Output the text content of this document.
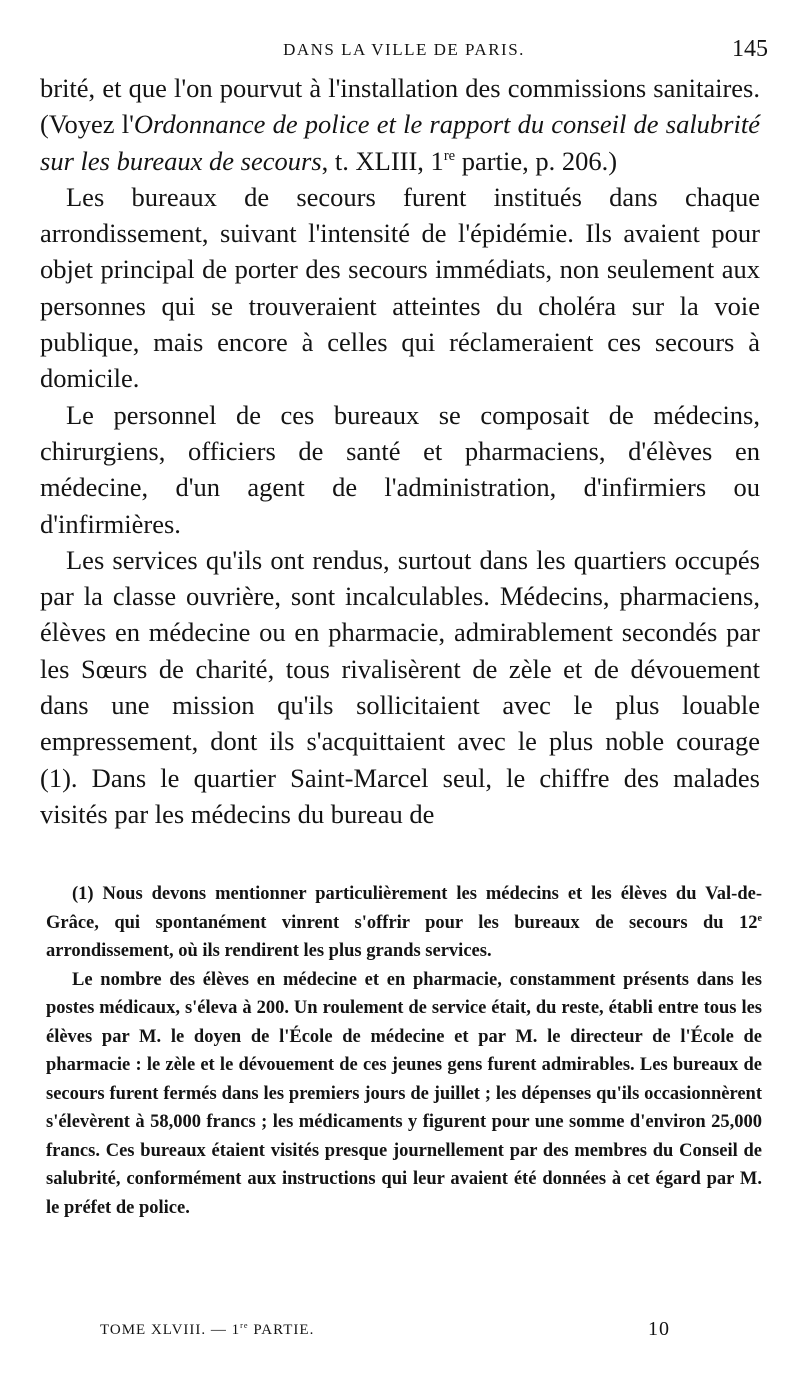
DANS LA VILLE DE PARIS.	145

brité, et que l'on pourvut à l'installation des commissions sanitaires. (Voyez l'Ordonnance de police et le rapport du conseil de salubrité sur les bureaux de secours, t. XLIII, 1re partie, p. 206.)

Les bureaux de secours furent institués dans chaque arrondissement, suivant l'intensité de l'épidémie. Ils avaient pour objet principal de porter des secours immédiats, non seulement aux personnes qui se trouveraient atteintes du choléra sur la voie publique, mais encore à celles qui réclameraient ces secours à domicile.

Le personnel de ces bureaux se composait de médecins, chirurgiens, officiers de santé et pharmaciens, d'élèves en médecine, d'un agent de l'administration, d'infirmiers ou d'infirmières.

Les services qu'ils ont rendus, surtout dans les quartiers occupés par la classe ouvrière, sont incalculables. Médecins, pharmaciens, élèves en médecine ou en pharmacie, admirablement secondés par les Sœurs de charité, tous rivalisèrent de zèle et de dévouement dans une mission qu'ils sollicitaient avec le plus louable empressement, dont ils s'acquittaient avec le plus noble courage (1). Dans le quartier Saint-Marcel seul, le chiffre des malades visités par les médecins du bureau de

(1) Nous devons mentionner particulièrement les médecins et les élèves du Val-de-Grâce, qui spontanément vinrent s'offrir pour les bureaux de secours du 12e arrondissement, où ils rendirent les plus grands services.

Le nombre des élèves en médecine et en pharmacie, constamment présents dans les postes médicaux, s'éleva à 200. Un roulement de service était, du reste, établi entre tous les élèves par M. le doyen de l'École de médecine et par M. le directeur de l'École de pharmacie : le zèle et le dévouement de ces jeunes gens furent admirables. Les bureaux de secours furent fermés dans les premiers jours de juillet ; les dépenses qu'ils occasionnèrent s'élevèrent à 58,000 francs ; les médicaments y figurent pour une somme d'environ 25,000 francs. Ces bureaux étaient visités presque journellement par des membres du Conseil de salubrité, conformément aux instructions qui leur avaient été données à cet égard par M. le préfet de police.

TOME XLVIII. — 1re PARTIE.	10
